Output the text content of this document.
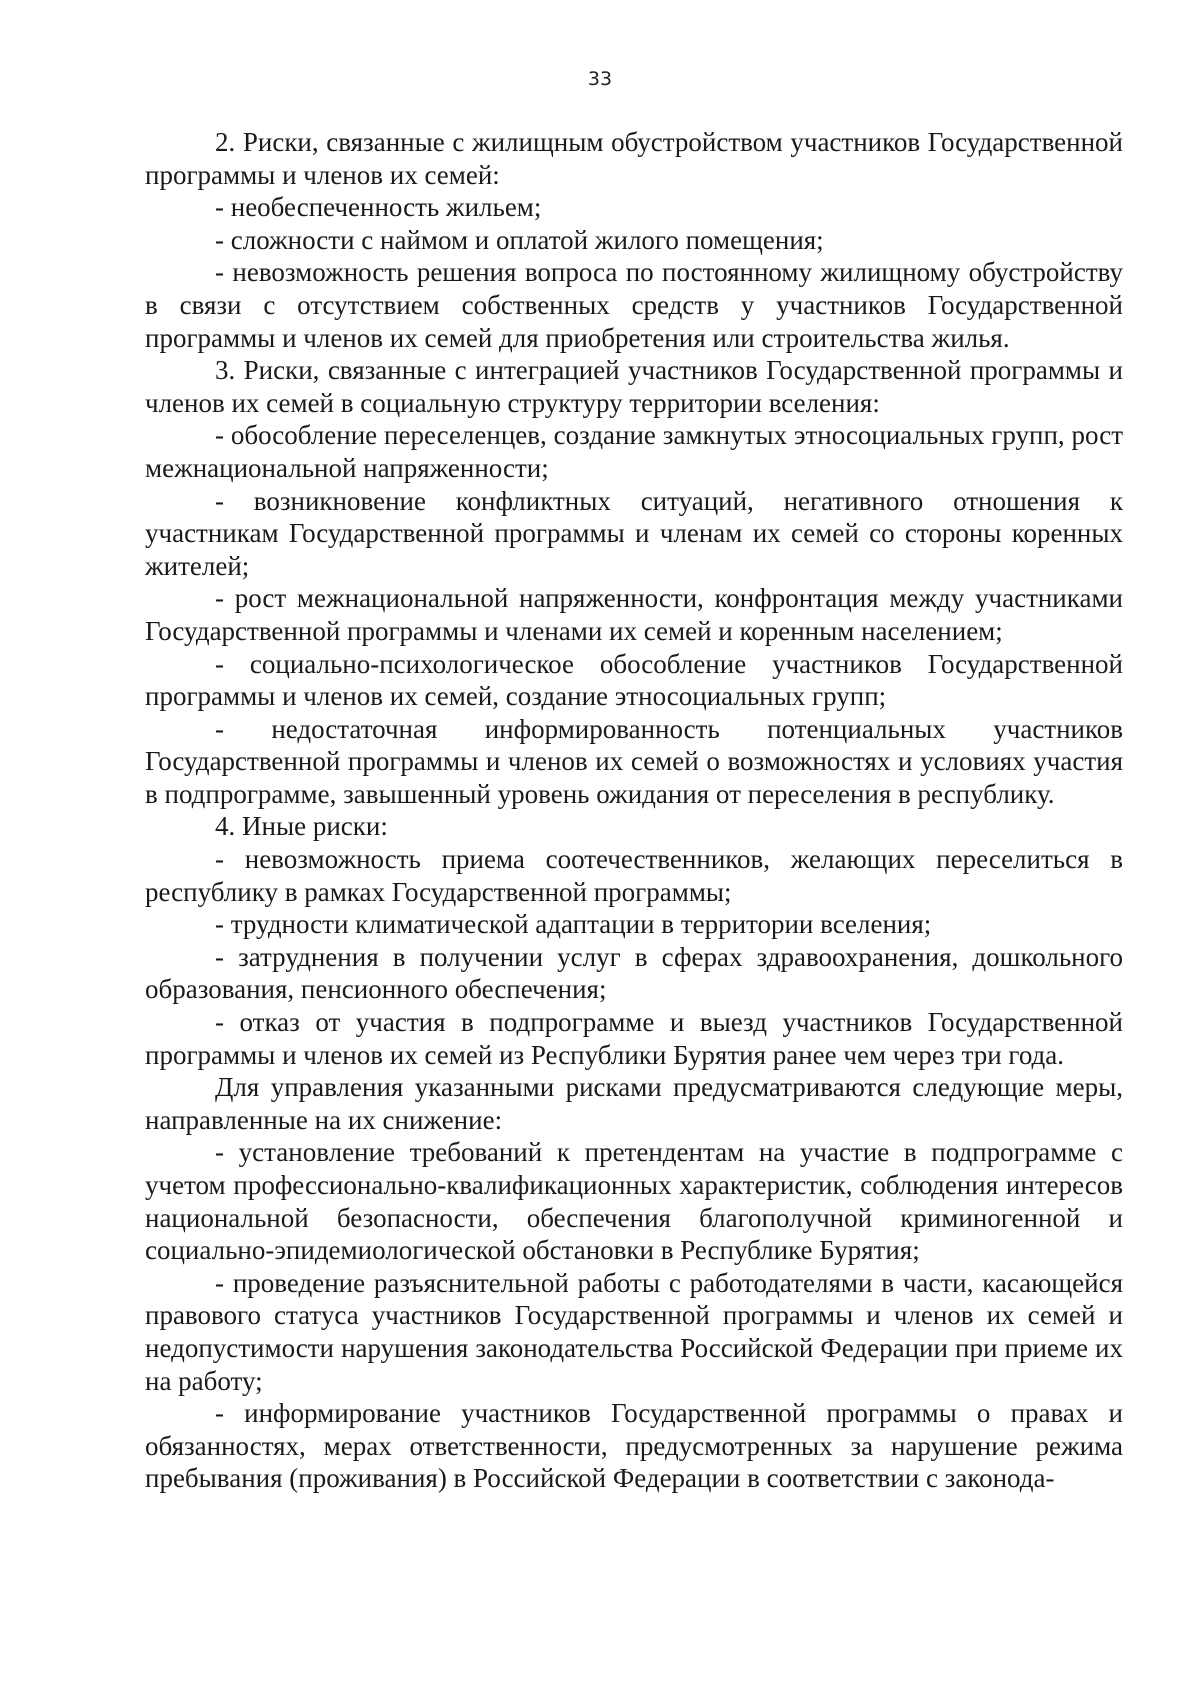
33

2. Риски, связанные с жилищным обустройством участников Государственной программы и членов их семей:

- необеспеченность жильем;

- сложности с наймом и оплатой жилого помещения;

- невозможность решения вопроса по постоянному жилищному обустройству в связи с отсутствием собственных средств у участников Государственной программы и членов их семей для приобретения или строительства жилья.

3. Риски, связанные с интеграцией участников Государственной программы и членов их семей в социальную структуру территории вселения:

- обособление переселенцев, создание замкнутых этносоциальных групп, рост межнациональной напряженности;

- возникновение конфликтных ситуаций, негативного отношения к участникам Государственной программы и членам их семей со стороны коренных жителей;

- рост межнациональной напряженности, конфронтация между участниками Государственной программы и членами их семей и коренным населением;

- социально-психологическое обособление участников Государственной программы и членов их семей, создание этносоциальных групп;

- недостаточная информированность потенциальных участников Государственной программы и членов их семей о возможностях и условиях участия в подпрограмме, завышенный уровень ожидания от переселения в республику.

4. Иные риски:

- невозможность приема соотечественников, желающих переселиться в республику в рамках Государственной программы;

- трудности климатической адаптации в территории вселения;

- затруднения в получении услуг в сферах здравоохранения, дошкольного образования, пенсионного обеспечения;

- отказ от участия в подпрограмме и выезд участников Государственной программы и членов их семей из Республики Бурятия ранее чем через три года.

Для управления указанными рисками предусматриваются следующие меры, направленные на их снижение:

- установление требований к претендентам на участие в подпрограмме с учетом профессионально-квалификационных характеристик, соблюдения интересов национальной безопасности, обеспечения благополучной криминогенной и социально-эпидемиологической обстановки в Республике Бурятия;

- проведение разъяснительной работы с работодателями в части, касающейся правового статуса участников Государственной программы и членов их семей и недопустимости нарушения законодательства Российской Федерации при приеме их на работу;

- информирование участников Государственной программы о правах и обязанностях, мерах ответственности, предусмотренных за нарушение режима пребывания (проживания) в Российской Федерации в соответствии с законода-
